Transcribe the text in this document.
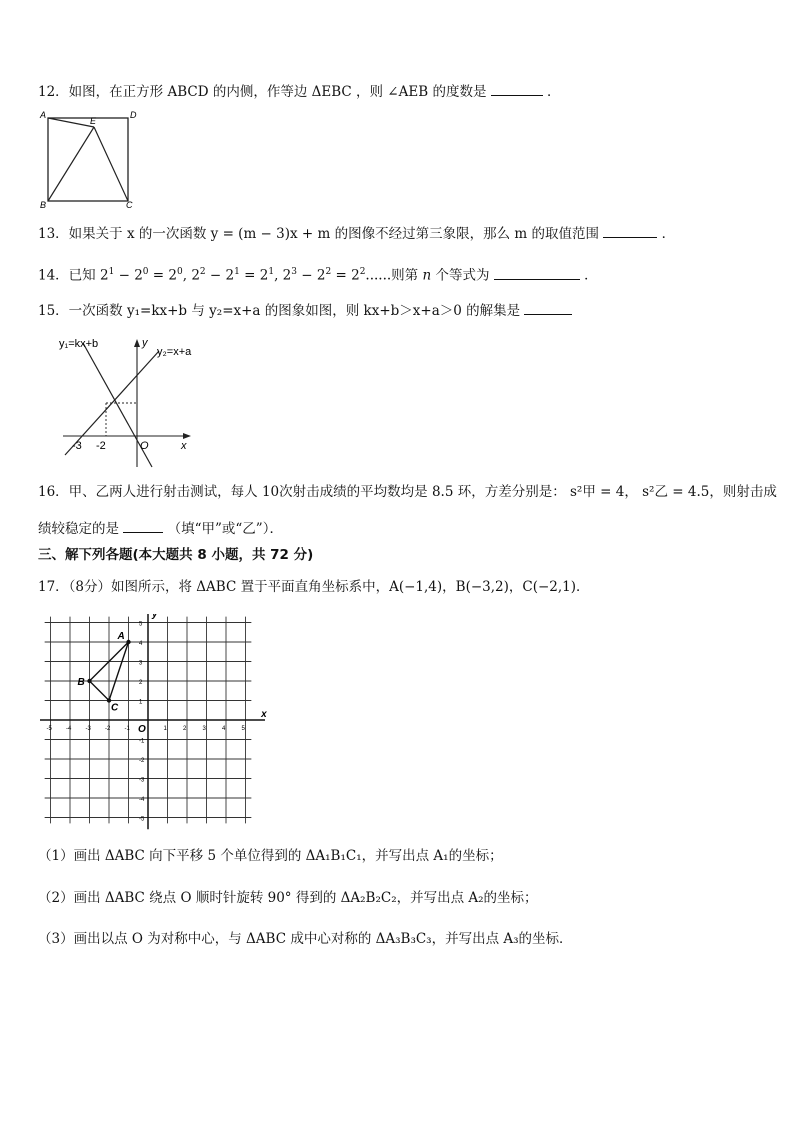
12．如图，在正方形 ABCD 的内侧，作等边 ΔEBC ，则 ∠AEB 的度数是	．
A	D
E
B	C
13．如果关于 x 的一次函数 y = (m − 3)x + m 的图像不经过第三象限，那么 m 的取值范围	．
14．已知 $2^1 - 2^0 = 2^0$, $2^2 - 2^1 = 2^1$, $2^3 - 2^2 = 2^2$......则第 n 个等式为	．
15．一次函数 y₁=kx+b 与 y₂=x+a 的图象如图，则 kx+b＞x+a＞0 的解集是
y₁=kx+b
y₂=x+a
y
x
O
-3 -2
16．甲、乙两人进行射击测试，每人 10次射击成绩的平均数均是 8.5 环，方差分别是： s²甲 = 4， s²乙 = 4.5，则射击成
绩较稳定的是	（填“甲”或“乙”）．
三、解下列各题(本大题共 8 小题，共 72 分)
17．（8分）如图所示，将 ΔABC 置于平面直角坐标系中，A(−1,4)，B(−3,2)，C(−2,1)．
x
y
O
-5 -4 -3 -2 -1	1	2	3	4	5
5
4
3
2
1
-1
-2
-3
-4
-5
A
B
C
（1）画出 ΔABC 向下平移 5 个单位得到的 ΔA₁B₁C₁，并写出点 A₁的坐标；
（2）画出 ΔABC 绕点 O 顺时针旋转 90° 得到的 ΔA₂B₂C₂，并写出点 A₂的坐标；
（3）画出以点 O 为对称中心，与 ΔABC 成中心对称的 ΔA₃B₃C₃，并写出点 A₃的坐标．
